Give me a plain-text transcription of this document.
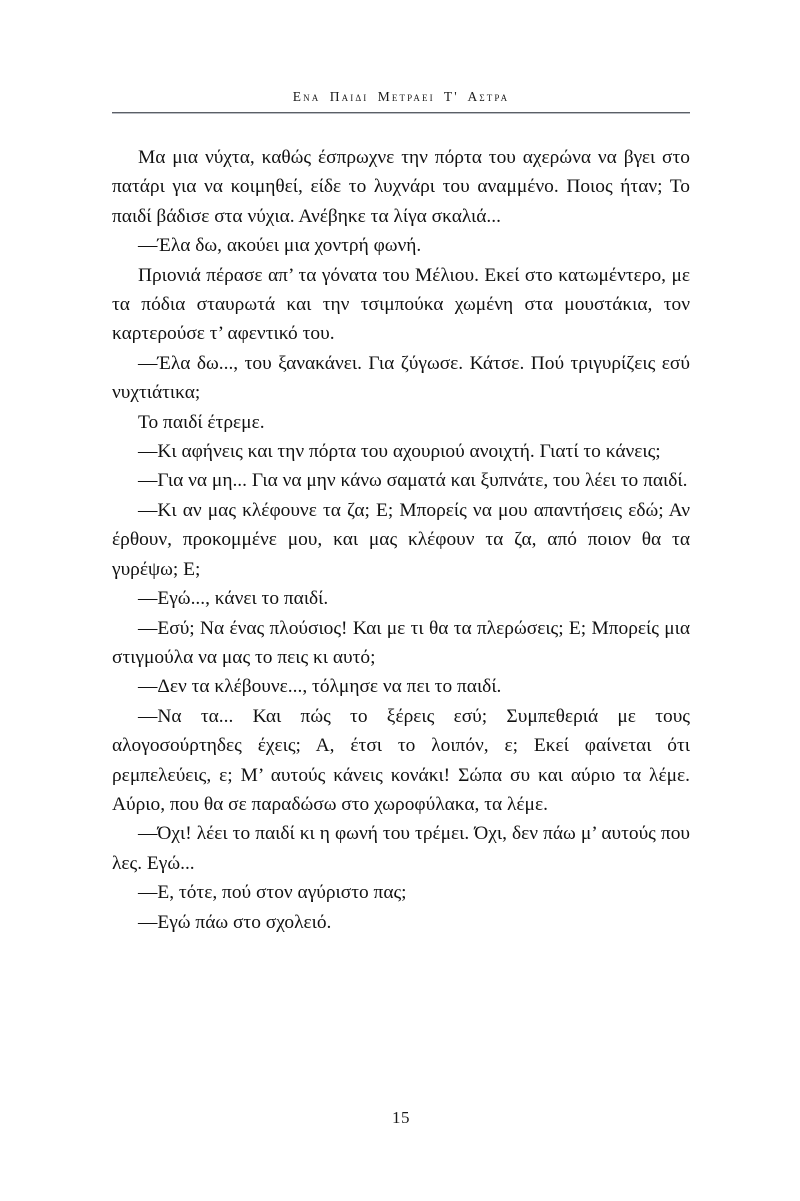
Ενα Παιδι Μετραει Τ' Αστρα

Μα μια νύχτα, καθώς έσπρωχνε την πόρτα του αχερώνα να βγει στο πατάρι για να κοιμηθεί, είδε το λυχνάρι του αναμμένο. Ποιος ήταν; Το παιδί βάδισε στα νύχια. Ανέβηκε τα λίγα σκαλιά...

—Έλα δω, ακούει μια χοντρή φωνή.

Πριονιά πέρασε απ’ τα γόνατα του Μέλιου. Εκεί στο κατωμέντερο, με τα πόδια σταυρωτά και την τσιμπούκα χωμένη στα μουστάκια, τον καρτερούσε τ’ αφεντικό του.

—Έλα δω..., του ξανακάνει. Για ζύγωσε. Κάτσε. Πού τριγυρίζεις εσύ νυχτιάτικα;

Το παιδί έτρεμε.

—Κι αφήνεις και την πόρτα του αχουριού ανοιχτή. Γιατί το κάνεις;

—Για να μη... Για να μην κάνω σαματά και ξυπνάτε, του λέει το παιδί.

—Κι αν μας κλέφουνε τα ζα; Ε; Μπορείς να μου απαντήσεις εδώ; Αν έρθουν, προκομμένε μου, και μας κλέφουν τα ζα, από ποιον θα τα γυρέψω; Ε;

—Εγώ..., κάνει το παιδί.

—Εσύ; Να ένας πλούσιος! Και με τι θα τα πλερώσεις; Ε; Μπορείς μια στιγμούλα να μας το πεις κι αυτό;

—Δεν τα κλέβουνε..., τόλμησε να πει το παιδί.

—Να τα... Και πώς το ξέρεις εσύ; Συμπεθεριά με τους αλογοσούρτηδες έχεις; Α, έτσι το λοιπόν, ε; Εκεί φαίνεται ότι ρεμπελεύεις, ε; Μ’ αυτούς κάνεις κονάκι! Σώπα συ και αύριο τα λέμε. Αύριο, που θα σε παραδώσω στο χωροφύλακα, τα λέμε.

—Όχι! λέει το παιδί κι η φωνή του τρέμει. Όχι, δεν πάω μ’ αυτούς που λες. Εγώ...

—Ε, τότε, πού στον αγύριστο πας;

—Εγώ πάω στο σχολειό.

15
